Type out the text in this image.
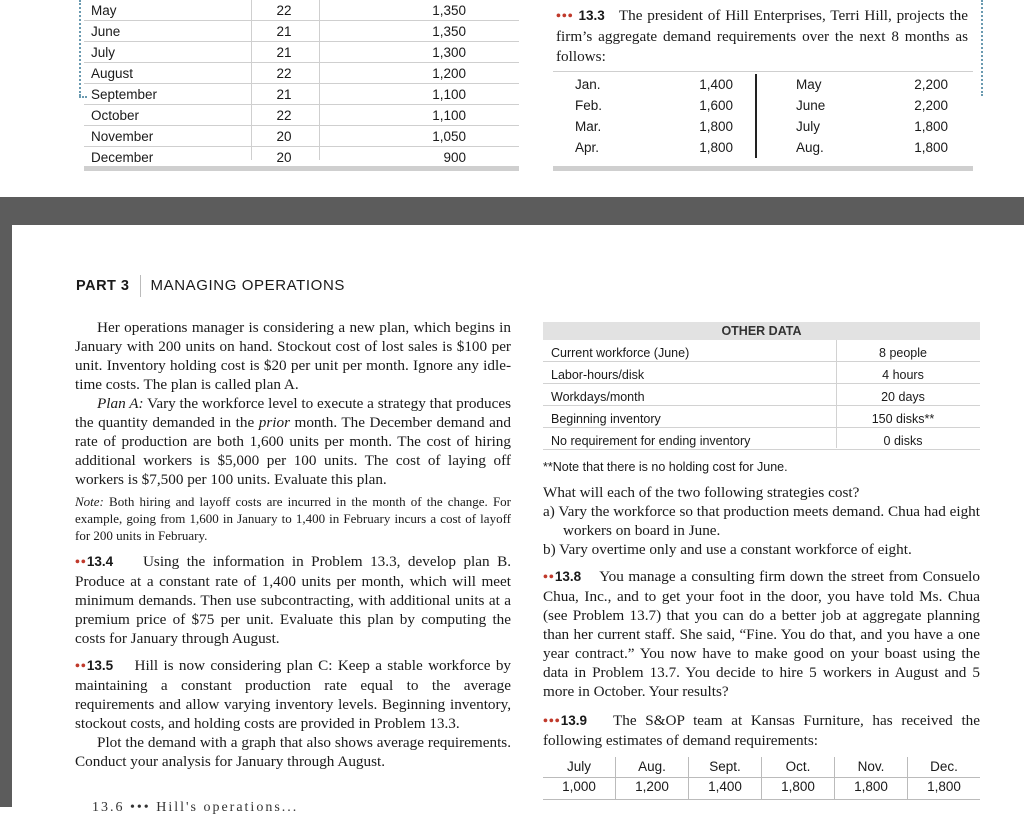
May	22	1,350
June	21	1,350
July	21	1,300
August	22	1,200
September	21	1,100
October	22	1,100
November	20	1,050
December	20	900
••• 13.3 The president of Hill Enterprises, Terri Hill, projects the firm’s aggregate demand requirements over the next 8 months as follows:
Jan.	1,400	May	2,200
Feb.	1,600	June	2,200
Mar.	1,800	July	1,800
Apr.	1,800	Aug.	1,800
PART 3 MANAGING OPERATIONS

Her operations manager is considering a new plan, which begins in January with 200 units on hand. Stockout cost of lost sales is $100 per unit. Inventory holding cost is $20 per unit per month. Ignore any idle-time costs. The plan is called plan A.

Plan A: Vary the workforce level to execute a strategy that produces the quantity demanded in the prior month. The December demand and rate of production are both 1,600 units per month. The cost of hiring additional workers is $5,000 per 100 units. The cost of laying off workers is $7,500 per 100 units. Evaluate this plan.

Note: Both hiring and layoff costs are incurred in the month of the change. For example, going from 1,600 in January to 1,400 in February incurs a cost of layoff for 200 units in February.

••13.4 Using the information in Problem 13.3, develop plan B. Produce at a constant rate of 1,400 units per month, which will meet minimum demands. Then use subcontracting, with additional units at a premium price of $75 per unit. Evaluate this plan by computing the costs for January through August.

••13.5 Hill is now considering plan C: Keep a stable workforce by maintaining a constant production rate equal to the average requirements and allow varying inventory levels. Beginning inventory, stockout costs, and holding costs are provided in Problem 13.3.

Plot the demand with a graph that also shows average requirements. Conduct your analysis for January through August.

OTHER DATA
Current workforce (June)	8 people
Labor-hours/disk	4 hours
Workdays/month	20 days
Beginning inventory	150 disks**
No requirement for ending inventory	0 disks
**Note that there is no holding cost for June.

What will each of the two following strategies cost?

a) Vary the workforce so that production meets demand. Chua had eight workers on board in June.

b) Vary overtime only and use a constant workforce of eight.

••13.8 You manage a consulting firm down the street from Consuelo Chua, Inc., and to get your foot in the door, you have told Ms. Chua (see Problem 13.7) that you can do a better job at aggregate planning than her current staff. She said, “Fine. You do that, and you have a one year contract.” You now have to make good on your boast using the data in Problem 13.7. You decide to hire 5 workers in August and 5 more in October. Your results?

•••13.9 The S&OP team at Kansas Furniture, has received the following estimates of demand requirements:

July	Aug.	Sept.	Oct.	Nov.	Dec.
1,000	1,200	1,400	1,800	1,800	1,800
13.6 ••• Hill's operations...
